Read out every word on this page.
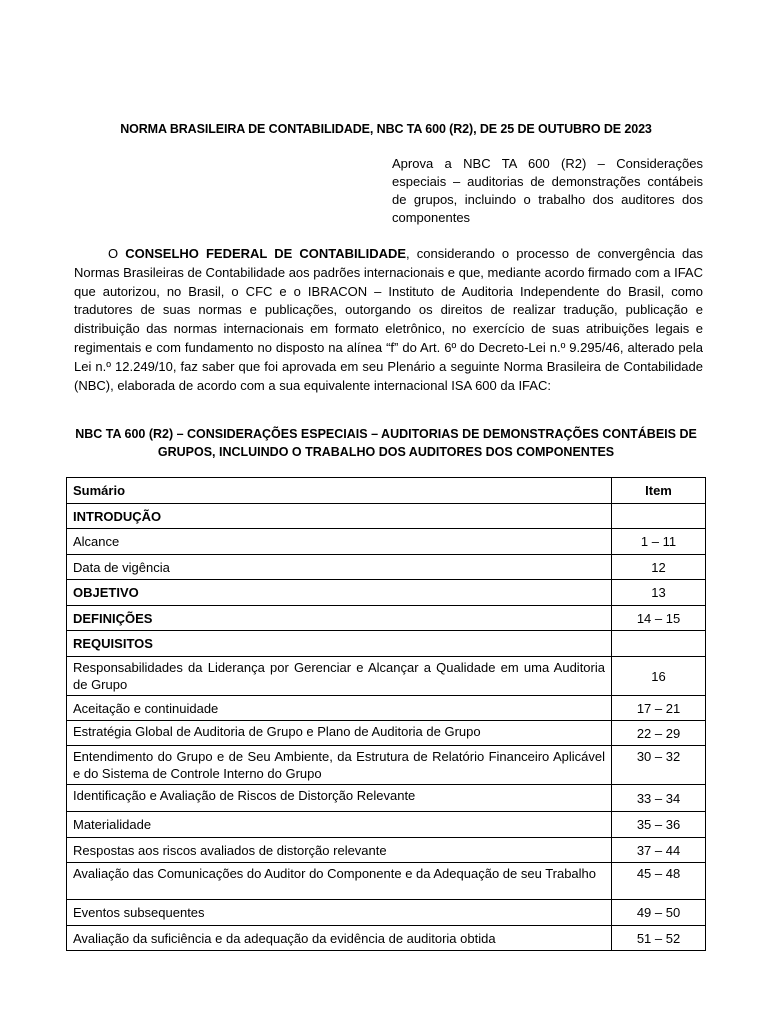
NORMA BRASILEIRA DE CONTABILIDADE, NBC TA 600 (R2), DE 25 DE OUTUBRO DE 2023
Aprova a NBC TA 600 (R2) – Considerações especiais – auditorias de demonstrações contábeis de grupos, incluindo o trabalho dos auditores dos componentes

O CONSELHO FEDERAL DE CONTABILIDADE, considerando o processo de convergência das Normas Brasileiras de Contabilidade aos padrões internacionais e que, mediante acordo firmado com a IFAC que autorizou, no Brasil, o CFC e o IBRACON – Instituto de Auditoria Independente do Brasil, como tradutores de suas normas e publicações, outorgando os direitos de realizar tradução, publicação e distribuição das normas internacionais em formato eletrônico, no exercício de suas atribuições legais e regimentais e com fundamento no disposto na alínea “f” do Art. 6º do Decreto-Lei n.º 9.295/46, alterado pela Lei n.º 12.249/10, faz saber que foi aprovada em seu Plenário a seguinte Norma Brasileira de Contabilidade (NBC), elaborada de acordo com a sua equivalente internacional ISA 600 da IFAC:

NBC TA 600 (R2) – CONSIDERAÇÕES ESPECIAIS – AUDITORIAS DE DEMONSTRAÇÕES CONTÁBEIS DE GRUPOS, INCLUINDO O TRABALHO DOS AUDITORES DOS COMPONENTES
Sumário	Item
INTRODUÇÃO	
Alcance	1 – 11
Data de vigência	12
OBJETIVO	13
DEFINIÇÕES	14 – 15
REQUISITOS	
Responsabilidades da Liderança por Gerenciar e Alcançar a Qualidade em uma Auditoria de Grupo	16
Aceitação e continuidade	17 – 21
Estratégia Global de Auditoria de Grupo e Plano de Auditoria de Grupo	22 – 29
Entendimento do Grupo e de Seu Ambiente, da Estrutura de Relatório Financeiro Aplicável e do Sistema de Controle Interno do Grupo	30 – 32
Identificação e Avaliação de Riscos de Distorção Relevante	33 – 34
Materialidade	35 – 36
Respostas aos riscos avaliados de distorção relevante	37 – 44
Avaliação das Comunicações do Auditor do Componente e da Adequação de seu Trabalho	45 – 48
Eventos subsequentes	49 – 50
Avaliação da suficiência e da adequação da evidência de auditoria obtida	51 – 52
